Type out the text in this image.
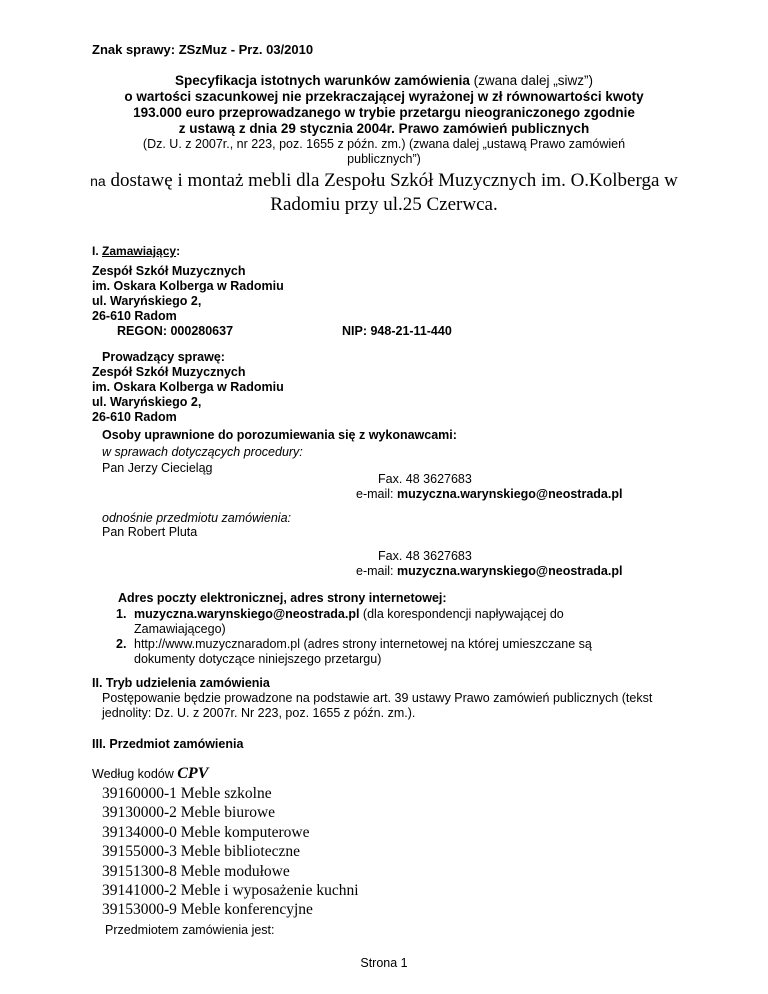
Znak sprawy: ZSzMuz - Prz. 03/2010
Specyfikacja istotnych warunków zamówienia (zwana dalej „siwz”)
o wartości szacunkowej nie przekraczającej wyrażonej w zł równowartości kwoty
193.000 euro przeprowadzanego w trybie przetargu nieograniczonego zgodnie
z ustawą z dnia 29 stycznia 2004r. Prawo zamówień publicznych
(Dz. U. z 2007r., nr 223, poz. 1655 z późn. zm.) (zwana dalej „ustawą Prawo zamówień
publicznych”)
na dostawę i montaż mebli dla Zespołu Szkół Muzycznych im. O.Kolberga w
Radomiu przy ul.25 Czerwca.
I. Zamawiający:
Zespół Szkół Muzycznych
im. Oskara Kolberga w Radomiu
ul. Waryńskiego 2,
26-610 Radom
REGON: 000280637	NIP: 948-21-11-440
Prowadzący sprawę:
Zespół Szkół Muzycznych
im. Oskara Kolberga w Radomiu
ul. Waryńskiego 2,
26-610 Radom
Osoby uprawnione do porozumiewania się z wykonawcami:
w sprawach dotyczących procedury:
Pan Jerzy Ciecieląg
Fax. 48 3627683
e-mail: muzyczna.warynskiego@neostrada.pl
odnośnie przedmiotu zamówienia:
Pan Robert Pluta
Fax. 48 3627683
e-mail: muzyczna.warynskiego@neostrada.pl
Adres poczty elektronicznej, adres strony internetowej:
1. muzyczna.warynskiego@neostrada.pl (dla korespondencji napływającej do
Zamawiającego)
2. http://www.muzycznaradom.pl (adres strony internetowej na której umieszczane są
dokumenty dotyczące niniejszego przetargu)
II. Tryb udzielenia zamówienia
Postępowanie będzie prowadzone na podstawie art. 39 ustawy Prawo zamówień publicznych (tekst
jednolity: Dz. U. z 2007r. Nr 223, poz. 1655 z późn. zm.).
III. Przedmiot zamówienia
Według kodów CPV
39160000-1 Meble szkolne
39130000-2 Meble biurowe
39134000-0 Meble komputerowe
39155000-3 Meble biblioteczne
39151300-8 Meble modułowe
39141000-2 Meble i wyposażenie kuchni
39153000-9 Meble konferencyjne
Przedmiotem zamówienia jest:
Strona 1
